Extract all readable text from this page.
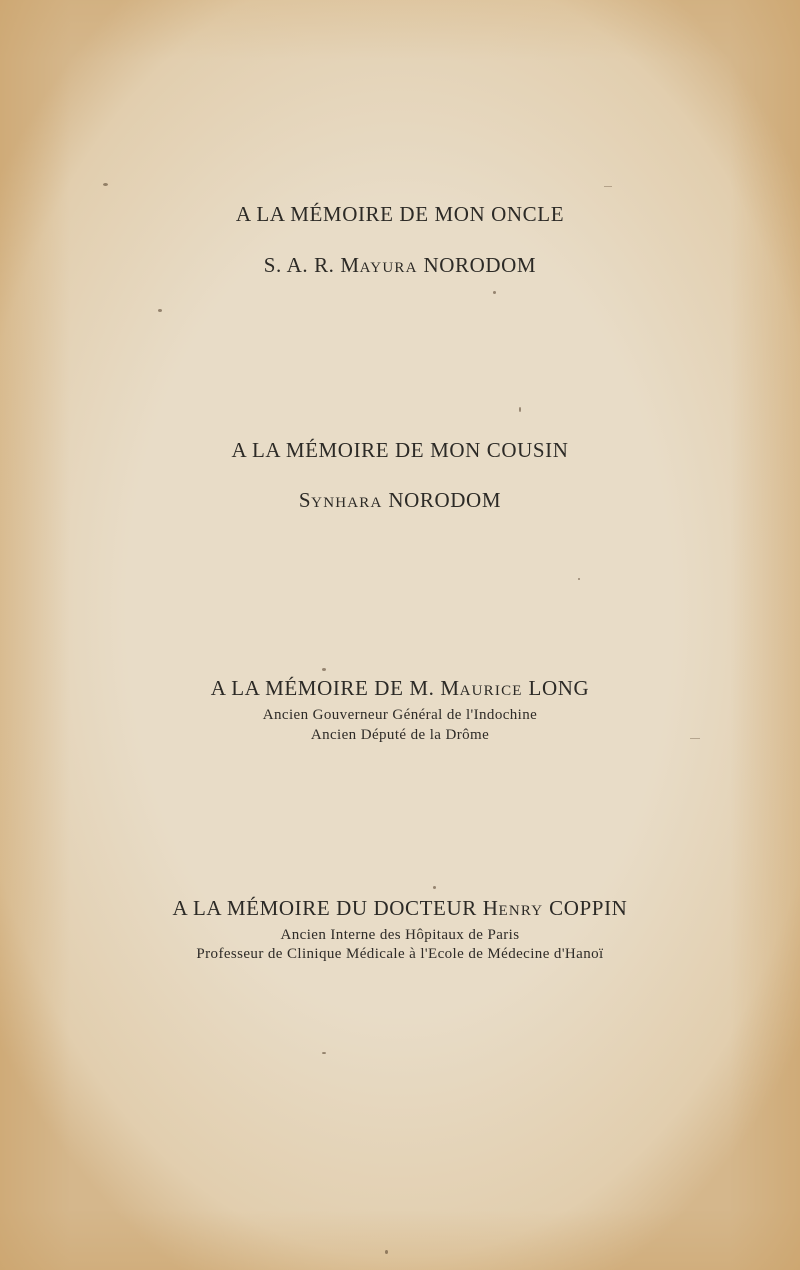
A LA MÉMOIRE DE MON ONCLE
S. A. R. MAYURA NORODOM
A LA MÉMOIRE DE MON COUSIN
SYNHARA NORODOM
A LA MÉMOIRE DE M. MAURICE LONG
Ancien Gouverneur Général de l'Indochine
Ancien Député de la Drôme
A LA MÉMOIRE DU DOCTEUR HENRY COPPIN
Ancien Interne des Hôpitaux de Paris
Professeur de Clinique Médicale à l'Ecole de Médecine d'Hanoï
